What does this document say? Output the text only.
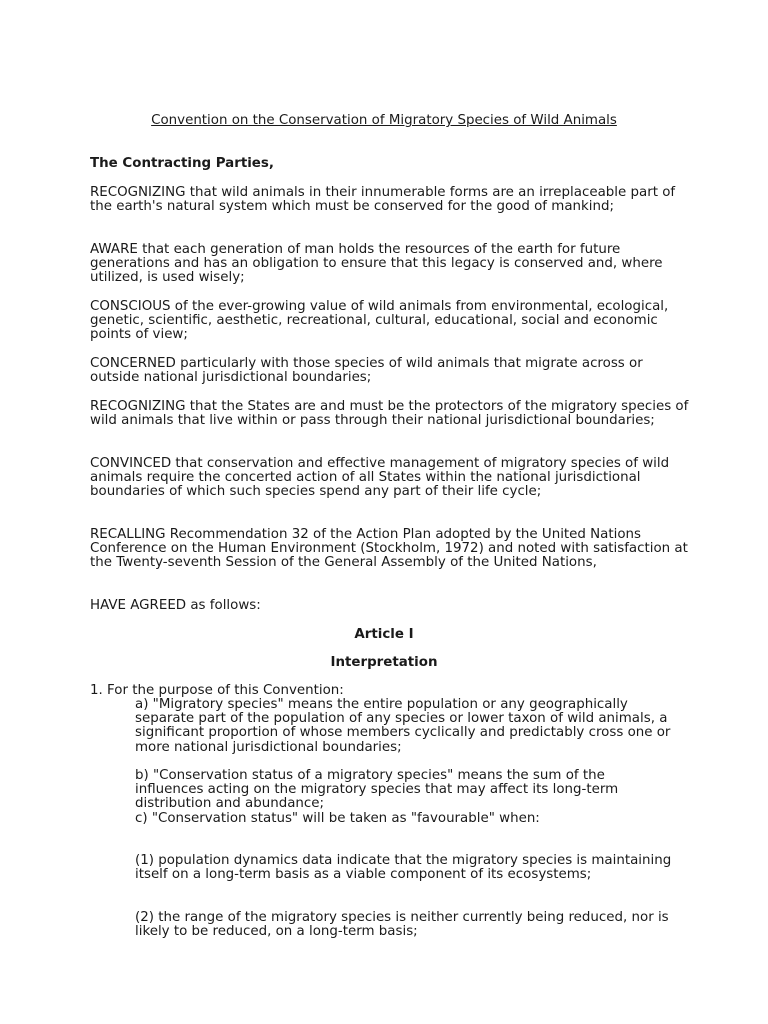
Convention on the Conservation of Migratory Species of Wild Animals

The Contracting Parties,

RECOGNIZING that wild animals in their innumerable forms are an irreplaceable part of the earth's natural system which must be conserved for the good of mankind;

AWARE that each generation of man holds the resources of the earth for future generations and has an obligation to ensure that this legacy is conserved and, where utilized, is used wisely;

CONSCIOUS of the ever-growing value of wild animals from environmental, ecological, genetic, scientific, aesthetic, recreational, cultural, educational, social and economic points of view;

CONCERNED particularly with those species of wild animals that migrate across or outside national jurisdictional boundaries;

RECOGNIZING that the States are and must be the protectors of the migratory species of wild animals that live within or pass through their national jurisdictional boundaries;

CONVINCED that conservation and effective management of migratory species of wild animals require the concerted action of all States within the national jurisdictional boundaries of which such species spend any part of their life cycle;

RECALLING Recommendation 32 of the Action Plan adopted by the United Nations Conference on the Human Environment (Stockholm, 1972) and noted with satisfaction at the Twenty-seventh Session of the General Assembly of the United Nations,

HAVE AGREED as follows:

Article I

Interpretation

1. For the purpose of this Convention:

a) "Migratory species" means the entire population or any geographically separate part of the population of any species or lower taxon of wild animals, a significant proportion of whose members cyclically and predictably cross one or more national jurisdictional boundaries;

b) "Conservation status of a migratory species" means the sum of the influences acting on the migratory species that may affect its long-term distribution and abundance;

c) "Conservation status" will be taken as "favourable" when:

(1) population dynamics data indicate that the migratory species is maintaining itself on a long-term basis as a viable component of its ecosystems;

(2) the range of the migratory species is neither currently being reduced, nor is likely to be reduced, on a long-term basis;
